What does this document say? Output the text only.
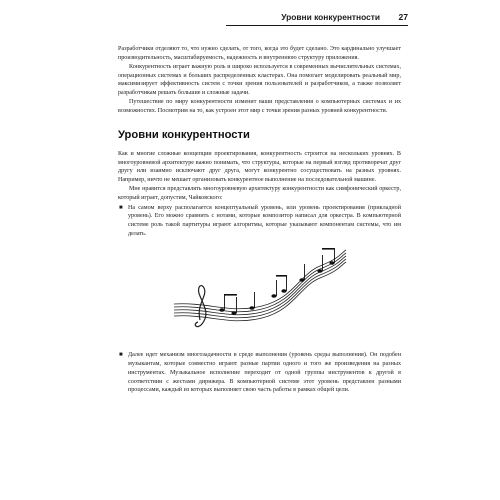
Уровни конкурентности 27

Разработчики отделяют то, что нужно сделать, от того, когда это будет сделано. Это кардинально улучшает производительность, масштабируемость, надежность и внутреннюю структуру приложения.

Конкурентность играет важную роль и широко используется в современных вычислительных системах, операционных системах и больших распределенных кластерах. Она помогает моделировать реальный мир, максимизирует эффективность систем с точки зрения пользователей и разработчиков, а также позволяет разработчикам решать большие и сложные задачи.

Путешествие по миру конкурентности изменит ваши представления о компьютерных системах и их возможностях. Посмотрим на то, как устроен этот мир с точки зрения разных уровней конкурентности.

Уровни конкурентности

Как и многие сложные концепции проектирования, конкурентность строится на нескольких уровнях. В многоуровневой архитектуре важно понимать, что структуры, которые на первый взгляд противоречат друг другу или взаимно исключают друг друга, могут конкурентно сосуществовать на разных уровнях. Например, ничто не мешает организовать конкурентное выполнение на последовательной машине.

Мне нравится представлять многоуровневую архитектуру конкурентности как симфонический оркестр, который играет, допустим, Чайковского:

■ На самом верху располагается концептуальный уровень, или уровень проектирования (прикладной уровень). Его можно сравнить с нотами, которые композитор написал для оркестра. В компьютерной системе роль такой партитуры играют алгоритмы, которые указывают компонентам системы, что им делать.

■ Далее идет механизм многозадачности в среде выполнения (уровень среды выполнения). Он подобен музыкантам, которые совместно играют разные партии одного и того же произведения на разных инструментах. Музыкальное исполнение переходит от одной группы инструментов к другой в соответствии с жестами дирижера. В компьютерной системе этот уровень представлен разными процессами, каждый из которых выполняет свою часть работы в рамках общей цели.
